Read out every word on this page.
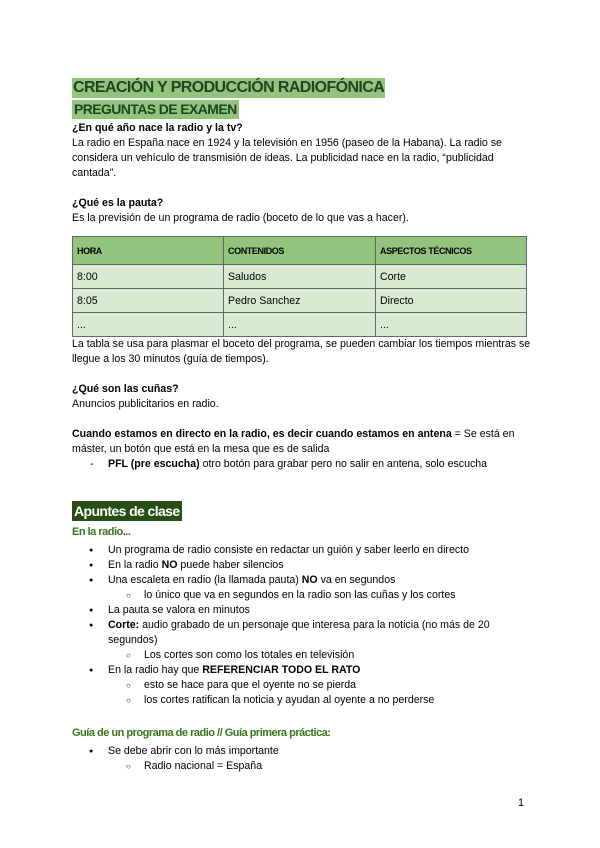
CREACIÓN Y PRODUCCIÓN RADIOFÓNICA
PREGUNTAS DE EXAMEN
¿En qué año nace la radio y la tv?
La radio en España nace en 1924 y la televisión en 1956 (paseo de la Habana). La radio se considera un vehículo de transmisión de ideas. La publicidad nace en la radio, “publicidad cantada”.
¿Qué es la pauta?
Es la previsión de un programa de radio (boceto de lo que vas a hacer).
HORA	CONTENIDOS	ASPECTOS TÉCNICOS
8:00	Saludos	Corte
8:05	Pedro Sanchez	Directo
...	...	...
La tabla se usa para plasmar el boceto del programa, se pueden cambiar los tiempos mientras se llegue a los 30 minutos (guía de tiempos).
¿Qué son las cuñas?
Anuncios publicitarios en radio.
Cuando estamos en directo en la radio, es decir cuando estamos en antena = Se está en máster, un botón que está en la mesa que es de salida
- PFL (pre escucha) otro botón para grabar pero no salir en antena, solo escucha
Apuntes de clase
En la radio...
● Un programa de radio consiste en redactar un guión y saber leerlo en directo
● En la radio NO puede haber silencios
● Una escaleta en radio (la llamada pauta) NO va en segundos
○ lo único que va en segundos en la radio son las cuñas y los cortes
● La pauta se valora en minutos
● Corte: audio grabado de un personaje que interesa para la noticia (no más de 20 segundos)
○ Los cortes son como los totales en televisión
● En la radio hay que REFERENCIAR TODO EL RATO
○ esto se hace para que el oyente no se pierda
○ los cortes ratifican la noticia y ayudan al oyente a no perderse
Guía de un programa de radio // Guía primera práctica:
● Se debe abrir con lo más importante
○ Radio nacional = España
1
